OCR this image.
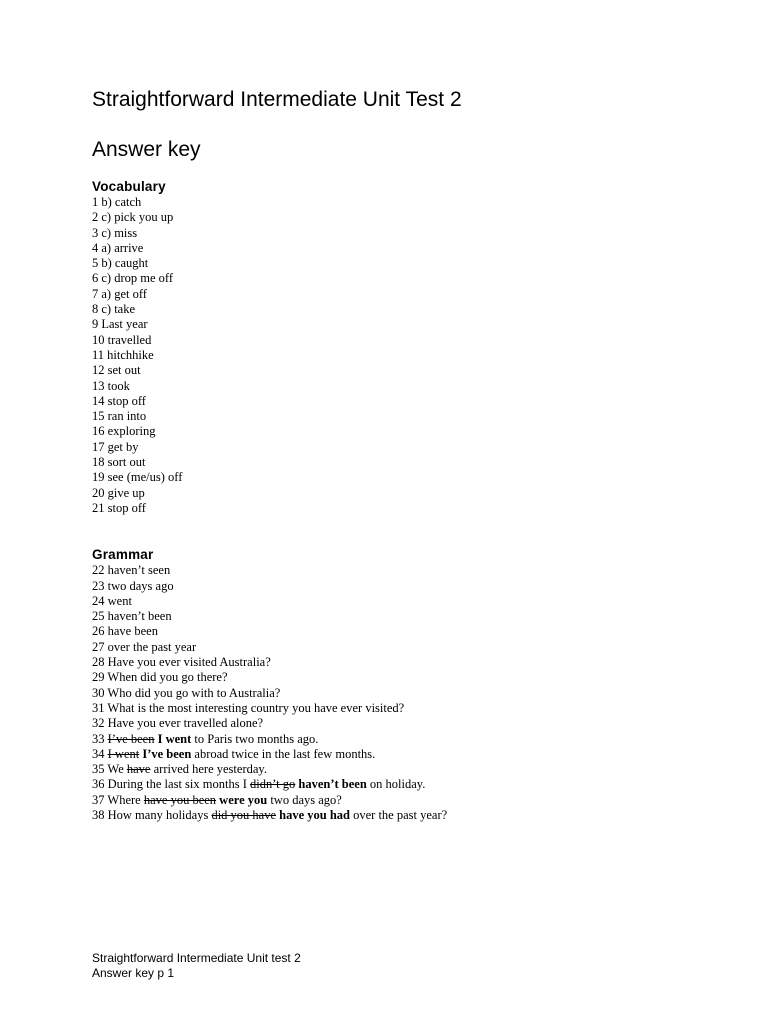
Straightforward Intermediate Unit Test 2
Answer key
Vocabulary
1 b) catch
2 c) pick you up
3 c) miss
4 a) arrive
5 b) caught
6 c) drop me off
7 a) get off
8 c) take
9 Last year
10 travelled
11 hitchhike
12 set out
13 took
14 stop off
15 ran into
16 exploring
17 get by
18 sort out
19 see (me/us) off
20 give up
21 stop off
Grammar
22 haven’t seen
23 two days ago
24 went
25 haven’t been
26 have been
27 over the past year
28 Have you ever visited Australia?
29 When did you go there?
30 Who did you go with to Australia?
31 What is the most interesting country you have ever visited?
32 Have you ever travelled alone?
33 I’ve been I went to Paris two months ago.
34 I went I’ve been abroad twice in the last few months.
35 We have arrived here yesterday.
36 During the last six months I didn’t go haven’t been on holiday.
37 Where have you been were you two days ago?
38 How many holidays did you have have you had over the past year?
Straightforward Intermediate Unit test 2
Answer key p 1
